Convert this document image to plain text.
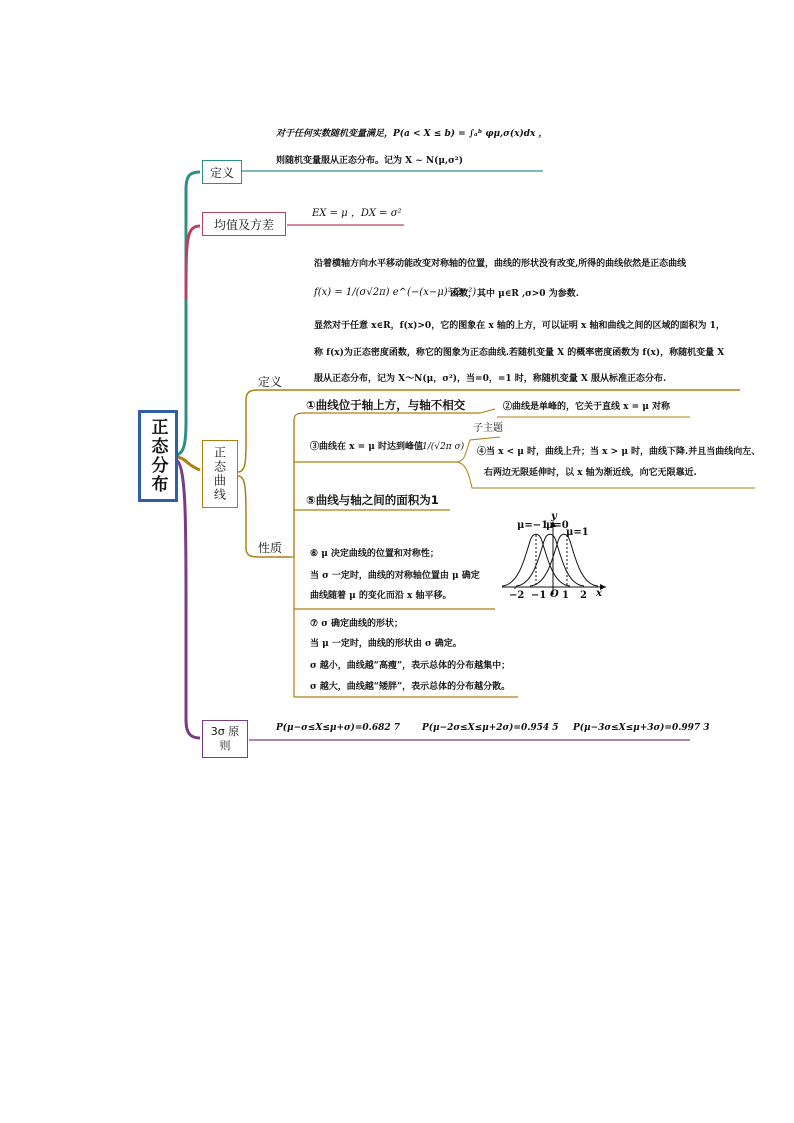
正态分布
定义
对于任何实数随机变量满足，P(a < X ≤ b) = ∫ₐᵇ φμ,σ(x)dx ，
则随机变量服从正态分布。记为 X ~ N(μ,σ²)
均值及方差
EX = μ ，DX = σ²
沿着横轴方向水平移动能改变对称轴的位置，曲线的形状没有改变,所得的曲线依然是正态曲线
f(x) = 1/(σ√2π) e^(−(x−μ)²/2σ²)
函数，其中 μ∈R ,σ>0 为参数.
显然对于任意 x∈R，f(x)>0，它的图象在 x 轴的上方，可以证明 x 轴和曲线之间的区域的面积为 1，
称 f(x)为正态密度函数，称它的图象为正态曲线.若随机变量 X 的概率密度函数为 f(x)，称随机变量 X
服从正态分布，记为 X～N(μ，σ²)，当=0，=1 时，称随机变量 X 服从标准正态分布.
正态曲线
定义
性质
①曲线位于轴上方，与轴不相交	②曲线是单峰的，它关于直线 x = μ 对称
③曲线在 x = μ 时达到峰值
1/(√2π σ)
子主题
④当 x < μ 时，曲线上升；当 x > μ 时，曲线下降.并且当曲线向左、
右两边无限延伸时，以 x 轴为渐近线，向它无限靠近.
⑤曲线与轴之间的面积为1
⑥ μ 决定曲线的位置和对称性；
当 σ 一定时，曲线的对称轴位置由 μ 确定
曲线随着 μ 的变化而沿 x 轴平移。
⑦ σ 确定曲线的形状；
当 μ 一定时，曲线的形状由 σ 确定。
σ 越小，曲线越“高瘦”，表示总体的分布越集中；
σ 越大，曲线越“矮胖”，表示总体的分布越分散。
μ=−1
μ=0
μ=1
y
x
−2 −1 O 1 2
3σ 原则
P(μ−σ≤X≤μ+σ)=0.682 7 P(μ−2σ≤X≤μ+2σ)=0.954 5 P(μ−3σ≤X≤μ+3σ)=0.997 3
